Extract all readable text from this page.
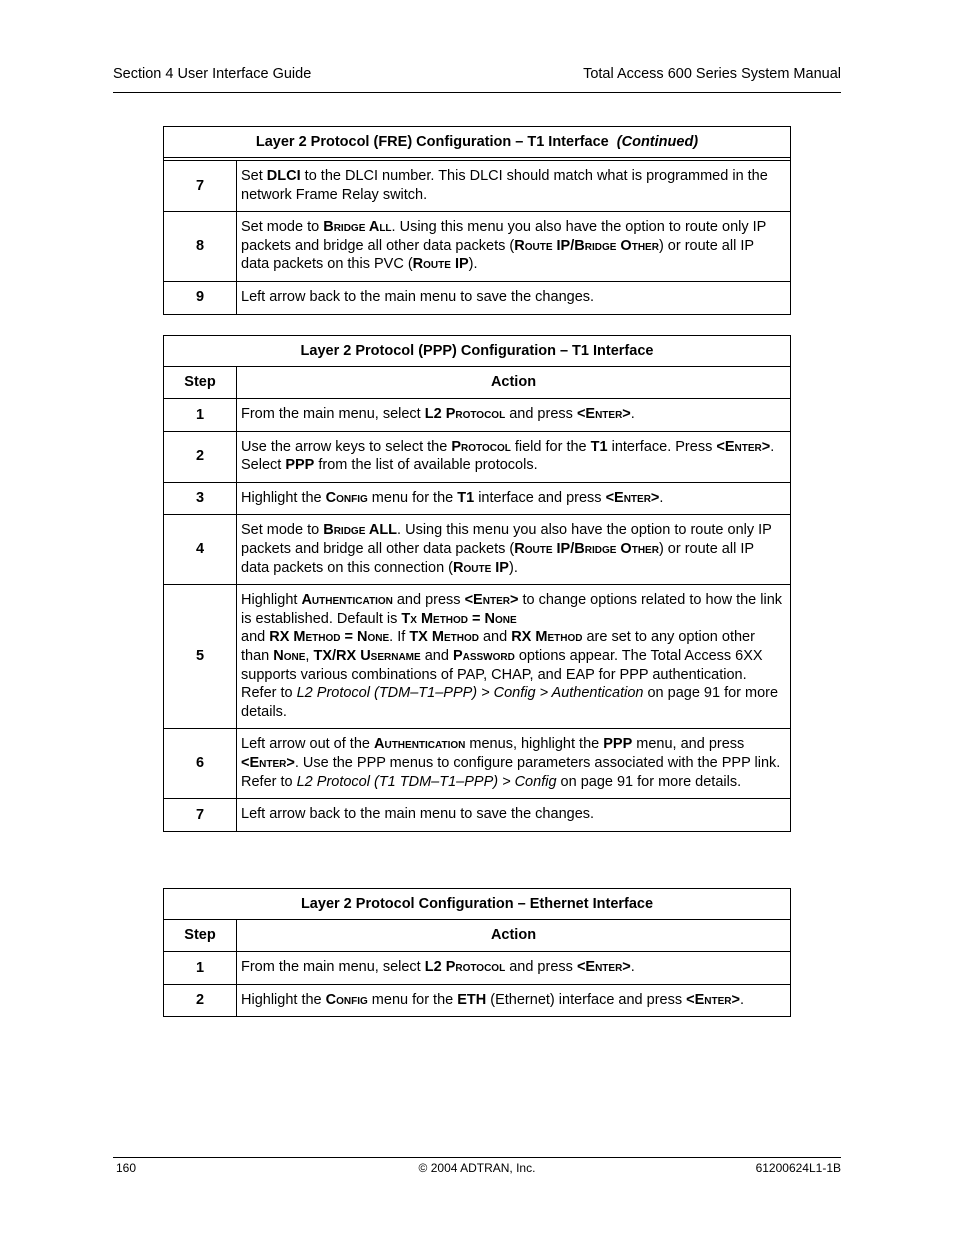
Section 4 User Interface Guide	Total Access 600 Series System Manual
Layer 2 Protocol (FRE) Configuration – T1 Interface (Continued)	

7	Set DLCI to the DLCI number. This DLCI should match what is programmed in the network Frame Relay switch.
8	Set mode to Bridge All. Using this menu you also have the option to route only IP packets and bridge all other data packets (Route IP/Bridge Other) or route all IP data packets on this PVC (Route IP).
9	Left arrow back to the main menu to save the changes.
Layer 2 Protocol (PPP) Configuration – T1 Interface	
Step	Action
1	From the main menu, select L2 Protocol and press <Enter>.
2	Use the arrow keys to select the Protocol field for the T1 interface. Press <Enter>. Select PPP from the list of available protocols.
3	Highlight the Config menu for the T1 interface and press <Enter>.
4	Set mode to Bridge ALL. Using this menu you also have the option to route only IP packets and bridge all other data packets (Route IP/Bridge Other) or route all IP data packets on this connection (Route IP).
5	Highlight Authentication and press <Enter> to change options related to how the link is established. Default is Tx Method = None
and RX Method = None. If TX Method and RX Method are set to any option other than None, TX/RX Username and Password options appear. The Total Access 6XX supports various combinations of PAP, CHAP, and EAP for PPP authentication. Refer to L2 Protocol (TDM–T1–PPP) > Config > Authentication on page 91 for more details.
6	Left arrow out of the Authentication menus, highlight the PPP menu, and press <Enter>. Use the PPP menus to configure parameters associated with the PPP link. Refer to L2 Protocol (T1 TDM–T1–PPP) > Config on page 91 for more details.
7	Left arrow back to the main menu to save the changes.
Layer 2 Protocol Configuration – Ethernet Interface	
Step	Action
1	From the main menu, select L2 Protocol and press <Enter>.
2	Highlight the Config menu for the ETH (Ethernet) interface and press <Enter>.
160	© 2004 ADTRAN, Inc.	61200624L1-1B
